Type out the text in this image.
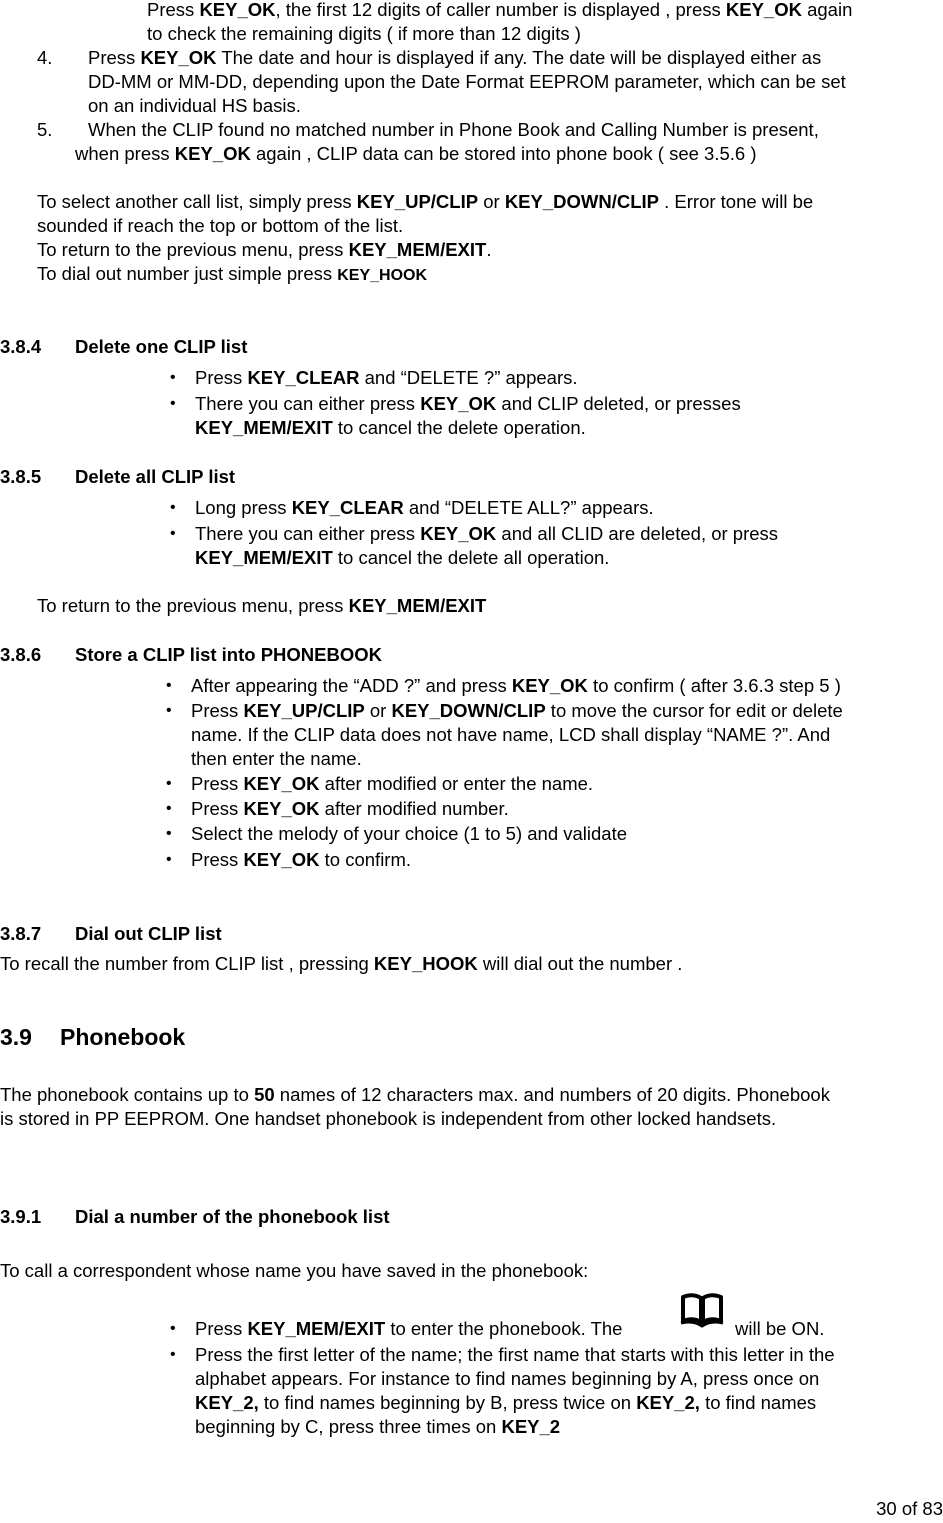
Press KEY_OK, the first 12 digits of caller number is displayed , press KEY_OK again
to check the remaining digits ( if more than 12 digits )
4. Press KEY_OK The date and hour is displayed if any. The date will be displayed either as
DD-MM or MM-DD, depending upon the Date Format EEPROM parameter, which can be set
on an individual HS basis.
5. When the CLIP found no matched number in Phone Book and Calling Number is present,
when press KEY_OK again , CLIP data can be stored into phone book ( see 3.5.6 )
To select another call list, simply press KEY_UP/CLIP or KEY_DOWN/CLIP . Error tone will be
sounded if reach the top or bottom of the list.
To return to the previous menu, press KEY_MEM/EXIT.
To dial out number just simple press KEY_HOOK
3.8.4 Delete one CLIP list
• Press KEY_CLEAR and “DELETE ?” appears.
• There you can either press KEY_OK and CLIP deleted, or presses
KEY_MEM/EXIT to cancel the delete operation.
3.8.5 Delete all CLIP list
• Long press KEY_CLEAR and “DELETE ALL?” appears.
• There you can either press KEY_OK and all CLID are deleted, or press
KEY_MEM/EXIT to cancel the delete all operation.
To return to the previous menu, press KEY_MEM/EXIT
3.8.6 Store a CLIP list into PHONEBOOK
• After appearing the “ADD ?” and press KEY_OK to confirm ( after 3.6.3 step 5 )
• Press KEY_UP/CLIP or KEY_DOWN/CLIP to move the cursor for edit or delete
name. If the CLIP data does not have name, LCD shall display “NAME ?”. And
then enter the name.
• Press KEY_OK after modified or enter the name.
• Press KEY_OK after modified number.
• Select the melody of your choice (1 to 5) and validate
• Press KEY_OK to confirm.
3.8.7 Dial out CLIP list
To recall the number from CLIP list , pressing KEY_HOOK will dial out the number .
3.9 Phonebook
The phonebook contains up to 50 names of 12 characters max. and numbers of 20 digits. Phonebook
is stored in PP EEPROM. One handset phonebook is independent from other locked handsets.
3.9.1 Dial a number of the phonebook list
To call a correspondent whose name you have saved in the phonebook:
• Press KEY_MEM/EXIT to enter the phonebook. The	will be ON.
• Press the first letter of the name; the first name that starts with this letter in the
alphabet appears. For instance to find names beginning by A, press once on
KEY_2, to find names beginning by B, press twice on KEY_2, to find names
beginning by C, press three times on KEY_2
30 of 83
